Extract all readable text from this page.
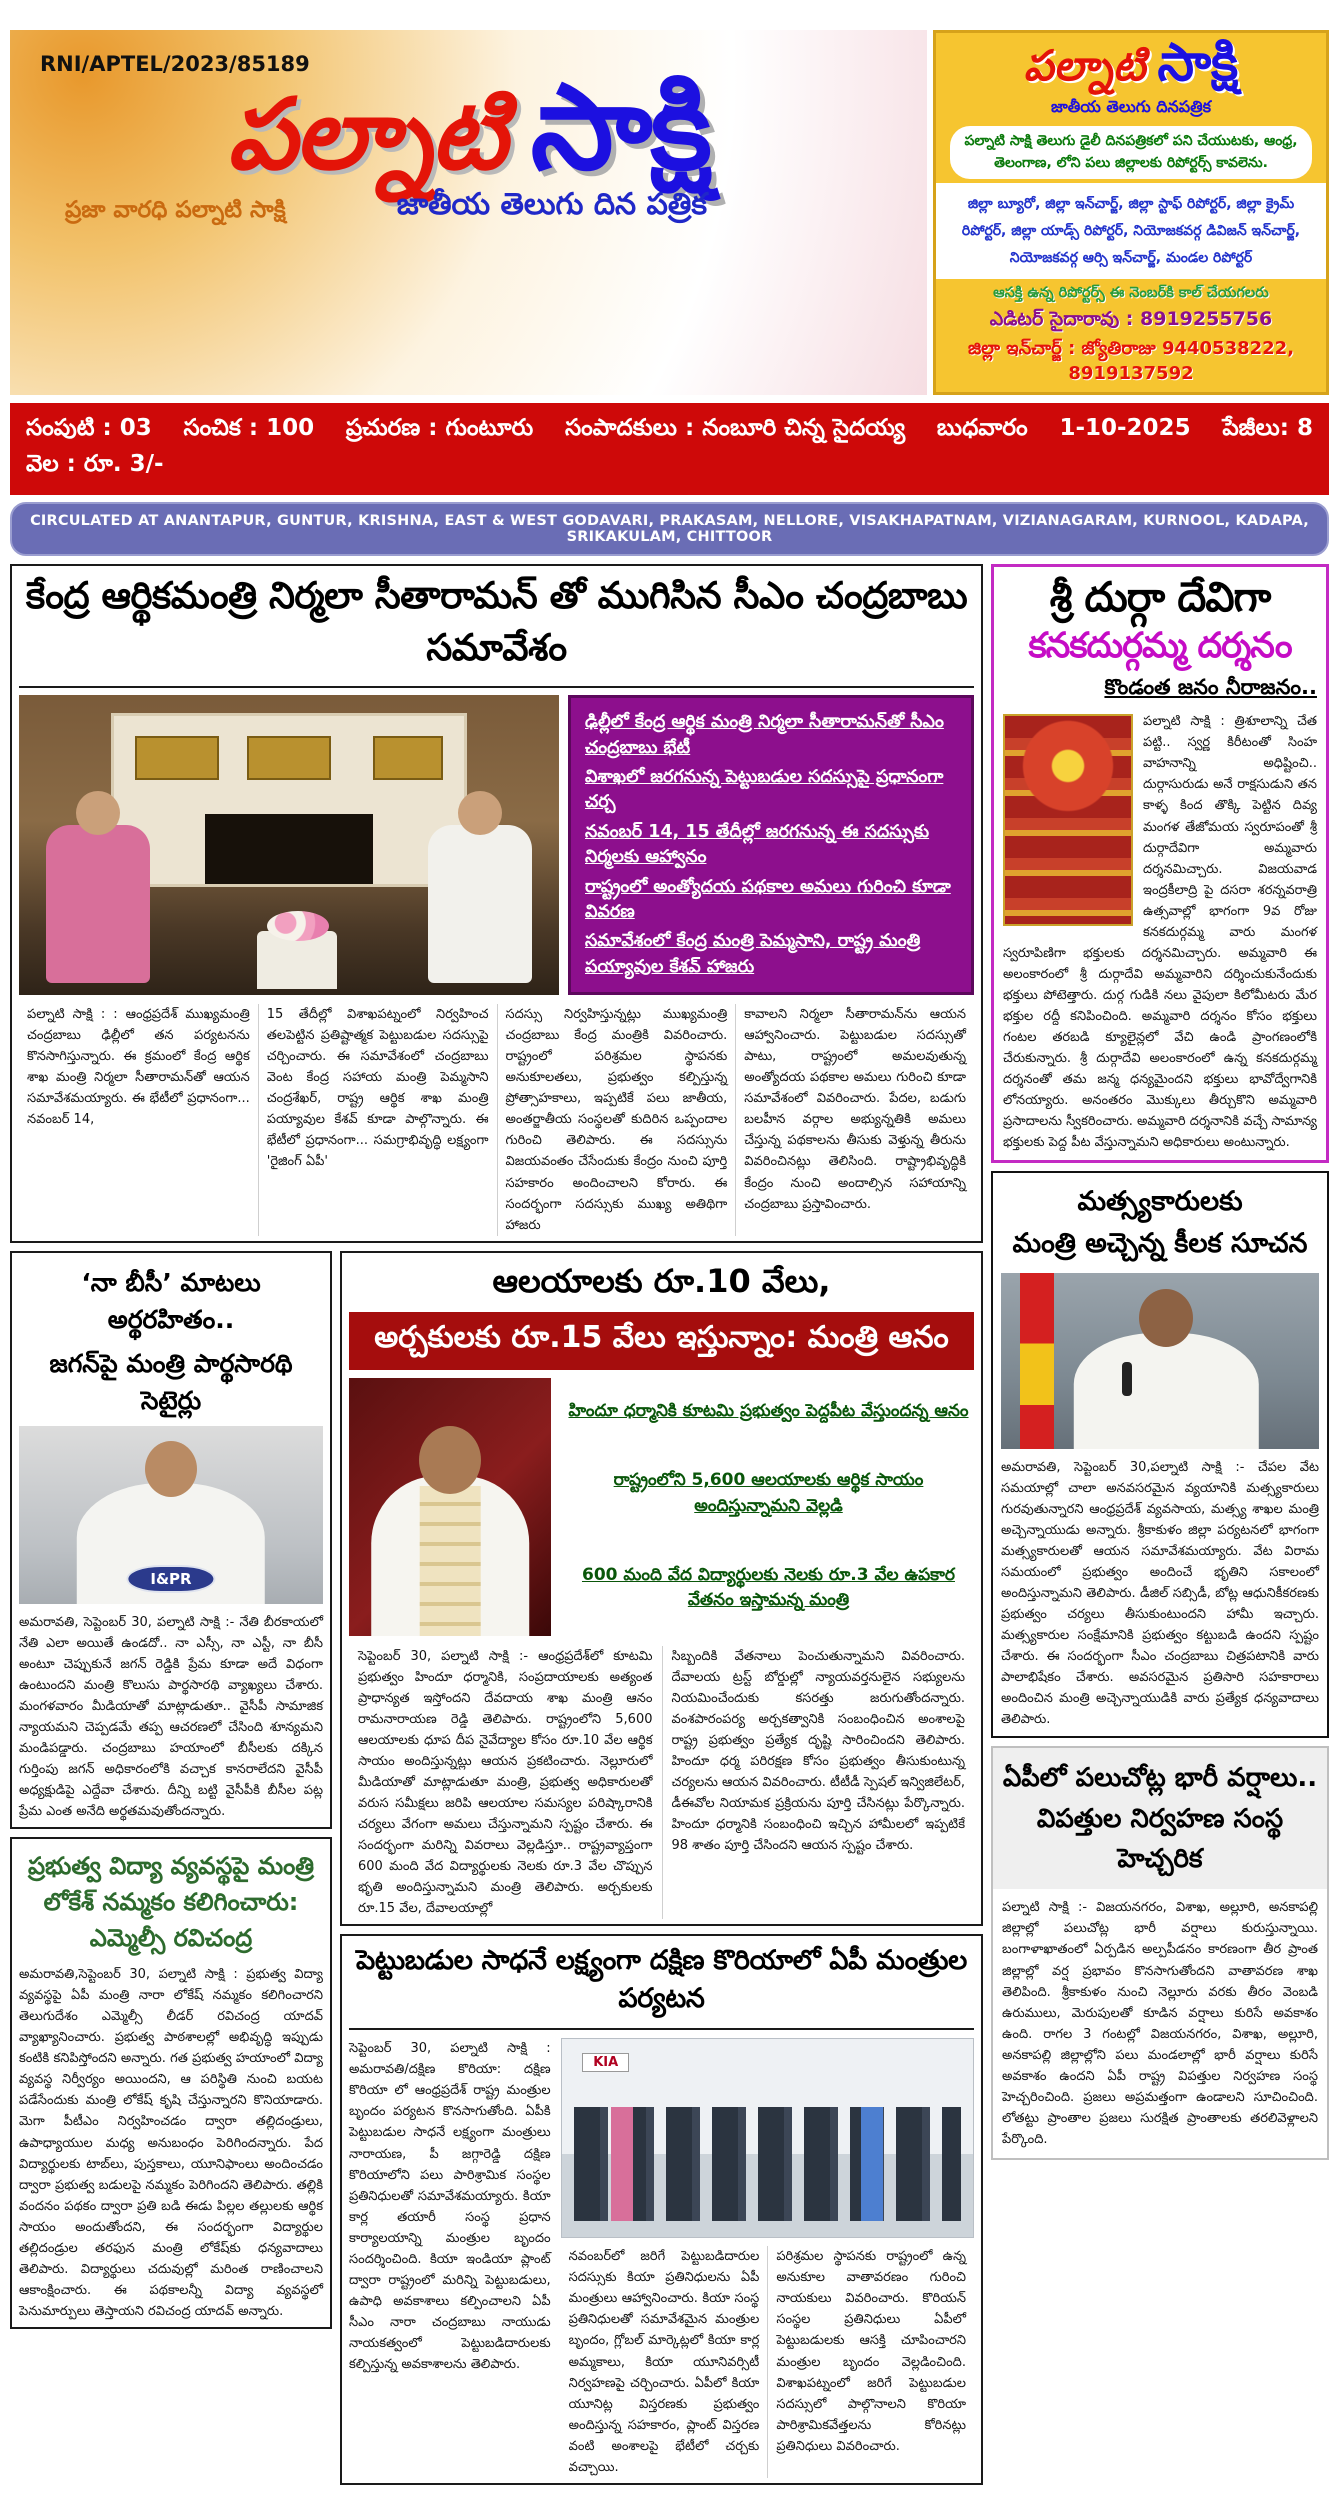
RNI/APTEL/2023/85189
పల్నాటి సాక్షి
ప్రజా వారధి పల్నాటి సాక్షి	జాతీయ తెలుగు దిన పత్రిక
పల్నాటి సాక్షి
జాతీయ తెలుగు దినపత్రిక
పల్నాటి సాక్షి తెలుగు డైలీ దినపత్రికలో పని చేయుటకు, ఆంధ్ర, తెలంగాణ, లోని పలు జిల్లాలకు రిపోర్టర్స్ కావలెను.
జిల్లా బ్యూరో, జిల్లా ఇన్‌చార్జ్, జిల్లా స్టాఫ్ రిపోర్టర్, జిల్లా క్రైమ్ రిపోర్టర్, జిల్లా యాడ్స్ రిపోర్టర్, నియోజకవర్గ డివిజన్ ఇన్‌చార్జ్, నియోజకవర్గ ఆర్సి ఇన్‌చార్జ్, మండల రిపోర్టర్
ఆసక్తి ఉన్న రిపోర్టర్స్ ఈ నెంబర్‌కి కాల్ చేయగలరు
ఎడిటర్ సైదారావు : 8919255756
జిల్లా ఇన్‌చార్జ్ : జ్యోతిరాజు 9440538222, 8919137592
సంపుటి : 03 సంచిక : 100 ప్రచురణ : గుంటూరు సంపాదకులు : నంబూరి చిన్న సైదయ్య బుధవారం 1-10-2025 పేజీలు: 8
వెల : రూ. 3/-
CIRCULATED AT ANANTAPUR, GUNTUR, KRISHNA, EAST & WEST GODAVARI, PRAKASAM, NELLORE, VISAKHAPATNAM, VIZIANAGARAM, KURNOOL, KADAPA, SRIKAKULAM, CHITTOOR
కేంద్ర ఆర్థికమంత్రి నిర్మలా సీతారామన్ తో ముగిసిన సీఎం చంద్రబాబు సమావేశం
ఢిల్లీలో కేంద్ర ఆర్థిక మంత్రి నిర్మలా సీతారామన్‌తో సీఎం చంద్రబాబు భేటీ
విశాఖలో జరగనున్న పెట్టుబడుల సదస్సుపై ప్రధానంగా చర్చ
నవంబర్ 14, 15 తేదీల్లో జరగనున్న ఈ సదస్సుకు నిర్మలకు ఆహ్వానం
రాష్ట్రంలో అంత్యోదయ పథకాల అమలు గురించి కూడా వివరణ
సమావేశంలో కేంద్ర మంత్రి పెమ్మసాని, రాష్ట్ర మంత్రి పయ్యావుల కేశవ్ హాజరు
పల్నాటి సాక్షి : : ఆంధ్రప్రదేశ్ ముఖ్యమంత్రి చంద్రబాబు ఢిల్లీలో తన పర్యటనను కొనసాగిస్తున్నారు. ఈ క్రమంలో కేంద్ర ఆర్థిక శాఖ మంత్రి నిర్మలా సీతారామన్‌తో ఆయన సమావేశమయ్యారు. ఈ భేటీలో ప్రధానంగా... నవంబర్ 14,
15 తేదీల్లో విశాఖపట్నంలో నిర్వహించ తలపెట్టిన ప్రతిష్టాత్మక పెట్టుబడుల సదస్సుపై చర్చించారు. ఈ సమావేశంలో చంద్రబాబు వెంట కేంద్ర సహాయ మంత్రి పెమ్మసాని చంద్రశేఖర్, రాష్ట్ర ఆర్థిక శాఖ మంత్రి పయ్యావుల కేశవ్ కూడా పాల్గొన్నారు. ఈ భేటీలో ప్రధానంగా... సమగ్రాభివృద్ధి లక్ష్యంగా 'రైజింగ్ ఏపీ'
సదస్సు నిర్వహిస్తున్నట్లు ముఖ్యమంత్రి చంద్రబాబు కేంద్ర మంత్రికి వివరించారు. రాష్ట్రంలో పరిశ్రమల స్థాపనకు అనుకూలతలు, ప్రభుత్వం కల్పిస్తున్న ప్రోత్సాహకాలు, ఇప్పటికే పలు జాతీయ, అంతర్జాతీయ సంస్థలతో కుదిరిన ఒప్పందాల గురించి తెలిపారు. ఈ సదస్సును విజయవంతం చేసేందుకు కేంద్రం నుంచి పూర్తి సహకారం అందించాలని కోరారు. ఈ సందర్భంగా సదస్సుకు ముఖ్య అతిథిగా హాజరు
కావాలని నిర్మలా సీతారామన్‌ను ఆయన ఆహ్వానించారు. పెట్టుబడుల సదస్సుతో పాటు, రాష్ట్రంలో అమలవుతున్న అంత్యోదయ పథకాల అమలు గురించి కూడా సమావేశంలో వివరించారు. పేదల, బడుగు బలహీన వర్గాల అభ్యున్నతికి అమలు చేస్తున్న పథకాలను తీసుకు వెళ్తున్న తీరును వివరించినట్లు తెలిసింది. రాష్ట్రాభివృద్ధికి కేంద్రం నుంచి అందాల్సిన సహాయాన్ని చంద్రబాబు ప్రస్తావించారు.
‘నా బీసీ’ మాటలు అర్థరహితం..
జగన్‌పై మంత్రి పార్థసారథి సెటైర్లు
I&PR
అమరావతి, సెప్టెంబర్ 30, పల్నాటి సాక్షి :- నేతి బీరకాయలో నేతి ఎలా అయితే ఉండదో.. నా ఎస్సీ, నా ఎస్టీ, నా బీసీ అంటూ చెప్పుకునే జగన్ రెడ్డికి ప్రేమ కూడా అదే విధంగా ఉంటుందని మంత్రి కొలుసు పార్థసారథి వ్యాఖ్యలు చేశారు. మంగళవారం మీడియాతో మాట్లాడుతూ.. వైసీపీ సామాజిక న్యాయమని చెప్పడమే తప్ప ఆచరణలో చేసింది శూన్యమని మండిపడ్డారు. చంద్రబాబు హయాంలో బీసీలకు దక్కిన గుర్తింపు జగన్ అధికారంలోకి వచ్చాక కానరాలేదని వైసీపీ అధ్యక్షుడిపై ఎద్దేవా చేశారు. దీన్ని బట్టి వైసీపీకి బీసీల పట్ల ప్రేమ ఎంత అనేది అర్థతమవుతోందన్నారు.
ప్రభుత్వ విద్యా వ్యవస్థపై మంత్రి లోకేశ్ నమ్మకం కలిగించారు: ఎమ్మెల్సీ రవిచంద్ర
అమరావతి,సెప్టెంబర్ 30, పల్నాటి సాక్షి : ప్రభుత్వ విద్యా వ్యవస్థపై ఏపీ మంత్రి నారా లోకేష్ నమ్మకం కలిగించారని తెలుగుదేశం ఎమ్మెల్సీ లీడర్ రవిచంద్ర యాదవ్ వ్యాఖ్యానించారు. ప్రభుత్వ పాఠశాలల్లో అభివృద్ధి ఇప్పుడు కంటికి కనిపిస్తోందని అన్నారు. గత ప్రభుత్వ హయాంలో విద్యా వ్యవస్థ నిర్వీర్యం అయిందని, ఆ పరిస్థితి నుంచి బయట పడేసేందుకు మంత్రి లోకేష్ కృషి చేస్తున్నారని కొనియాడారు. మెగా పీటీఎం నిర్వహించడం ద్వారా తల్లిదండ్రులు, ఉపాధ్యాయుల మధ్య అనుబంధం పెరిగిందన్నారు. పేద విద్యార్థులకు టాబ్‌లు, పుస్తకాలు, యూనిఫాంలు అందించడం ద్వారా ప్రభుత్వ బడులపై నమ్మకం పెరిగిందని తెలిపారు. తల్లికి వందనం పథకం ద్వారా ప్రతి బడి ఈడు పిల్లల తల్లులకు ఆర్థిక సాయం అందుతోందని, ఈ సందర్భంగా విద్యార్థుల తల్లిదండ్రుల తరఫున మంత్రి లోకేష్‌కు ధన్యవాదాలు తెలిపారు. విద్యార్థులు చదువుల్లో మరింత రాణించాలని ఆకాంక్షించారు. ఈ పథకాలన్నీ విద్యా వ్యవస్థలో పెనుమార్పులు తెస్తాయని రవిచంద్ర యాదవ్ అన్నారు.
ఆలయాలకు రూ.10 వేలు,
అర్చకులకు రూ.15 వేలు ఇస్తున్నాం: మంత్రి ఆనం
హిందూ ధర్మానికి కూటమి ప్రభుత్వం పెద్దపీట వేస్తుందన్న ఆనం
రాష్ట్రంలోని 5,600 ఆలయాలకు ఆర్థిక సాయం అందిస్తున్నామని వెల్లడి
600 మంది వేద విద్యార్థులకు నెలకు రూ.3 వేల ఉపకార వేతనం ఇస్తామన్న మంత్రి
సెప్టెంబర్ 30, పల్నాటి సాక్షి :- ఆంధ్రప్రదేశ్‌లో కూటమి ప్రభుత్వం హిందూ ధర్మానికి, సంప్రదాయాలకు అత్యంత ప్రాధాన్యత ఇస్తోందని దేవదాయ శాఖ మంత్రి ఆనం రామనారాయణ రెడ్డి తెలిపారు. రాష్ట్రంలోని 5,600 ఆలయాలకు ధూప దీప నైవేద్యాల కోసం రూ.10 వేల ఆర్థిక సాయం అందిస్తున్నట్లు ఆయన ప్రకటించారు. నెల్లూరులో మీడియాతో మాట్లాడుతూ మంత్రి, ప్రభుత్వ అధికారులతో వరుస సమీక్షలు జరిపి ఆలయాల సమస్యల పరిష్కారానికి చర్యలు వేగంగా అమలు చేస్తున్నామని స్పష్టం చేశారు. ఈ సందర్భంగా మరిన్ని వివరాలు వెల్లడిస్తూ.. రాష్ట్రవ్యాప్తంగా 600 మంది వేద విద్యార్థులకు నెలకు రూ.3 వేల చొప్పున భృతి అందిస్తున్నామని మంత్రి తెలిపారు. అర్చకులకు రూ.15 వేల, దేవాలయాల్లో
సిబ్బందికి వేతనాలు పెంచుతున్నామని వివరించారు. దేవాలయ ట్రస్ట్ బోర్డుల్లో న్యాయవర్తనులైన సభ్యులను నియమించేందుకు కసరత్తు జరుగుతోందన్నారు. వంశపారంపర్య అర్చకత్వానికి సంబంధించిన అంశాలపై రాష్ట్ర ప్రభుత్వం ప్రత్యేక దృష్టి సారించిందని తెలిపారు. హిందూ ధర్మ పరిరక్షణ కోసం ప్రభుత్వం తీసుకుంటున్న చర్యలను ఆయన వివరించారు. టీటీడీ స్పెషల్ ఇన్విజిలేటర్, డీఈవోల నియామక ప్రక్రియను పూర్తి చేసినట్లు పేర్కొన్నారు. హిందూ ధర్మానికి సంబంధించి ఇచ్చిన హామీలలో ఇప్పటికే 98 శాతం పూర్తి చేసిందని ఆయన స్పష్టం చేశారు.
పెట్టుబడుల సాధనే లక్ష్యంగా దక్షిణ కొరియాలో ఏపీ మంత్రుల పర్యటన
సెప్టెంబర్ 30, పల్నాటి సాక్షి : అమరావతి/దక్షిణ కొరియా: దక్షిణ కొరియా లో ఆంధ్రప్రదేశ్ రాష్ట్ర మంత్రుల బృందం పర్యటన కొనసాగుతోంది. ఏపీకి పెట్టుబడుల సాధనే లక్ష్యంగా మంత్రులు నారాయణ, పీ జగ్గారెడ్డి దక్షిణ కొరియాలోని పలు పారిశ్రామిక సంస్థల ప్రతినిధులతో సమావేశమయ్యారు. కియా కార్ల తయారీ సంస్థ ప్రధాన కార్యాలయాన్ని మంత్రుల బృందం సందర్శించింది. కియా ఇండియా ప్లాంట్ ద్వారా రాష్ట్రంలో మరిన్ని పెట్టుబడులు, ఉపాధి అవకాశాలు కల్పించాలని ఏపీ సీఎం నారా చంద్రబాబు నాయుడు నాయకత్వంలో పెట్టుబడిదారులకు కల్పిస్తున్న అవకాశాలను తెలిపారు.
KIA
నవంబర్‌లో జరిగే పెట్టుబడిదారుల సదస్సుకు కియా ప్రతినిధులను ఏపీ మంత్రులు ఆహ్వానించారు. కియా సంస్థ ప్రతినిధులతో సమావేశమైన మంత్రుల బృందం, గ్లోబల్ మార్కెట్లలో కియా కార్ల అమ్మకాలు, కియా యూనివర్సిటీ నిర్వహణపై చర్చించారు. ఏపీలో కియా యూనిట్ల విస్తరణకు ప్రభుత్వం అందిస్తున్న సహకారం, ప్లాంట్ విస్తరణ వంటి అంశాలపై భేటీలో చర్చకు వచ్చాయి.
పరిశ్రమల స్థాపనకు రాష్ట్రంలో ఉన్న అనుకూల వాతావరణం గురించి నాయకులు వివరించారు. కొరియన్ సంస్థల ప్రతినిధులు ఏపీలో పెట్టుబడులకు ఆసక్తి చూపించారని మంత్రుల బృందం వెల్లడించింది. విశాఖపట్నంలో జరిగే పెట్టుబడుల సదస్సులో పాల్గొనాలని కొరియా పారిశ్రామికవేత్తలను కోరినట్లు ప్రతినిధులు వివరించారు.
శ్రీ దుర్గా దేవిగా
కనకదుర్గమ్మ దర్శనం
కొండంత జనం నీరాజనం..
పల్నాటి సాక్షి : త్రిశూలాన్ని చేత పట్టి.. స్వర్ణ కిరీటంతో సింహ వాహనాన్ని అధిష్టించి.. దుర్గాసురుడు అనే రాక్షసుడుని తన కాళ్ళ కింద తొక్కి పెట్టిన దివ్య మంగళ తేజోమయ స్వరూపంతో శ్రీ దుర్గాదేవిగా అమ్మవారు దర్శనమిచ్చారు. విజయవాడ ఇంద్రకీలాద్రి పై దసరా శరన్నవరాత్రి ఉత్సవాల్లో భాగంగా 9వ రోజు కనకదుర్గమ్మ వారు మంగళ స్వరూపిణిగా భక్తులకు దర్శనమిచ్చారు. అమ్మవారి ఈ అలంకారంలో శ్రీ దుర్గాదేవి అమ్మవారిని దర్శించుకునేందుకు భక్తులు పోటెత్తారు. దుర్గ గుడికి నలు వైపులా కిలోమీటరు మేర భక్తుల రద్దీ కనిపించింది. అమ్మవారి దర్శనం కోసం భక్తులు గంటల తరబడి క్యూలైన్లలో వేచి ఉండి ప్రాంగణంలోకి చేరుకున్నారు. శ్రీ దుర్గాదేవి అలంకారంలో ఉన్న కనకదుర్గమ్మ దర్శనంతో తమ జన్మ ధన్యమైందని భక్తులు భావోద్వేగానికి లోనయ్యారు. అనంతరం మొక్కులు తీర్చుకొని అమ్మవారి ప్రసాదాలను స్వీకరించారు. అమ్మవారి దర్శనానికి వచ్చే సామాన్య భక్తులకు పెద్ద పీట వేస్తున్నామని అధికారులు అంటున్నారు.
మత్స్యకారులకు
మంత్రి అచ్చెన్న కీలక సూచన
అమరావతి, సెప్టెంబర్ 30,పల్నాటి సాక్షి :- చేపల వేట సమయాల్లో చాలా అనవసరమైన వ్యయానికి మత్స్యకారులు గురవుతున్నారని ఆంధ్రప్రదేశ్ వ్యవసాయ, మత్స్య శాఖల మంత్రి అచ్చెన్నాయుడు అన్నారు. శ్రీకాకుళం జిల్లా పర్యటనలో భాగంగా మత్స్యకారులతో ఆయన సమావేశమయ్యారు. వేట విరామ సమయంలో ప్రభుత్వం అందించే భృతిని సకాలంలో అందిస్తున్నామని తెలిపారు. డీజిల్ సబ్సిడీ, బోట్ల ఆధునికీకరణకు ప్రభుత్వం చర్యలు తీసుకుంటుందని హామీ ఇచ్చారు. మత్స్యకారుల సంక్షేమానికి ప్రభుత్వం కట్టుబడి ఉందని స్పష్టం చేశారు. ఈ సందర్భంగా సీఎం చంద్రబాబు చిత్రపటానికి వారు పాలాభిషేకం చేశారు. అవసరమైన ప్రతిసారి సహకారాలు అందించిన మంత్రి అచ్చెన్నాయుడికి వారు ప్రత్యేక ధన్యవాదాలు తెలిపారు.
ఏపీలో పలుచోట్ల భారీ వర్షాలు..
విపత్తుల నిర్వహణ సంస్థ హెచ్చరిక
పల్నాటి సాక్షి :- విజయనగరం, విశాఖ, అల్లూరి, అనకాపల్లి జిల్లాల్లో పలుచోట్ల భారీ వర్షాలు కురుస్తున్నాయి. బంగాళాఖాతంలో ఏర్పడిన అల్పపీడనం కారణంగా తీర ప్రాంత జిల్లాల్లో వర్ష ప్రభావం కొనసాగుతోందని వాతావరణ శాఖ తెలిపింది. శ్రీకాకుళం నుంచి నెల్లూరు వరకు తీరం వెంబడి ఉరుములు, మెరుపులతో కూడిన వర్షాలు కురిసే అవకాశం ఉంది. రాగల 3 గంటల్లో విజయనగరం, విశాఖ, అల్లూరి, అనకాపల్లి జిల్లాల్లోని పలు మండలాల్లో భారీ వర్షాలు కురిసే అవకాశం ఉందని ఏపీ రాష్ట్ర విపత్తుల నిర్వహణ సంస్థ హెచ్చరించింది. ప్రజలు అప్రమత్తంగా ఉండాలని సూచించింది. లోతట్టు ప్రాంతాల ప్రజలు సురక్షిత ప్రాంతాలకు తరలివెళ్లాలని పేర్కొంది.
